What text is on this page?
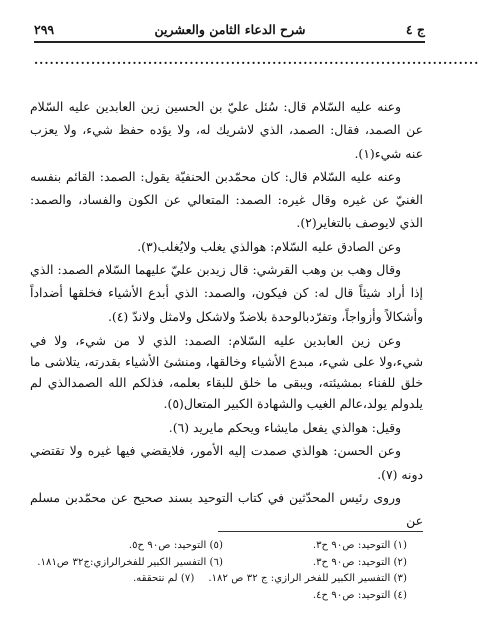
ج ٤
شرح الدعاء الثامن والعشرين
٢٩٩
......................................................................................

وعنه عليه السّلام قال: سُئل عليّ بن الحسين زين العابدين عليه السّلام عن الصمد، فقال: الصمد، الذي لاشريك له، ولا يؤده حفظ شيء، ولا يعزب عنه شيء(١).

وعنه عليه السّلام قال: كان محمّدبن الحنفيّة يقول: الصمد: القائم بنفسه الغنيّ عن غيره وقال غيره: الصمد: المتعالي عن الكون والفساد، والصمد: الذي لايوصف بالتغاير(٢).

وعن الصادق عليه السّلام: هوالذي يغلب ولايُغلب(٣).

وقال وهب بن وهب القرشي: قال زيدبن عليّ عليهما السّلام الصمد: الذي إذا أراد شيئاً قال له: كن فيكون، والصمد: الذي أبدع الأشياء فخلقها أضداداً وأشكالاً وأزواجاً، وتفرّدبالوحدة بلاضدّ ولاشكل ولامثل ولاندّ (٤).

وعن زين العابدين عليه السّلام: الصمد: الذي لا من شيء، ولا في شيء،ولا على شيء، مبدع الأشياء وخالقها، ومنشئ الأشياء بقدرته، يتلاشى ما خلق للفناء بمشيئته، ويبقى ما خلق للبقاء بعلمه، فذلكم الله الصمدالذي لم يلدولم يولد،عالم الغيب والشهادة الكبير المتعال(٥).

وقيل: هوالذي يفعل مايشاء ويحكم مايريد (٦).

وعن الحسن: هوالذي صمدت إليه الأمور، فلايقضي فيها غيره ولا تقتضي دونه (٧).

وروى رئيس المحدّثين في كتاب التوحيد بسند صحيح عن محمّدبن مسلم عن

(١) التوحيد: ص٩٠ ح٣.
(٥) التوحيد: ص٩٠ ح٥.
(٢) التوحيد: ص٩٠ ح٣.
(٦) التفسير الكبير للفخرالرازي:ج٣٢ ص١٨١.
(٣) التفسير الكبير للفخر الرازي: ج ٣٢ ص ١٨٢.
(٧) لم نتحققه.
(٤) التوحيد: ص٩٠ ح٤.
